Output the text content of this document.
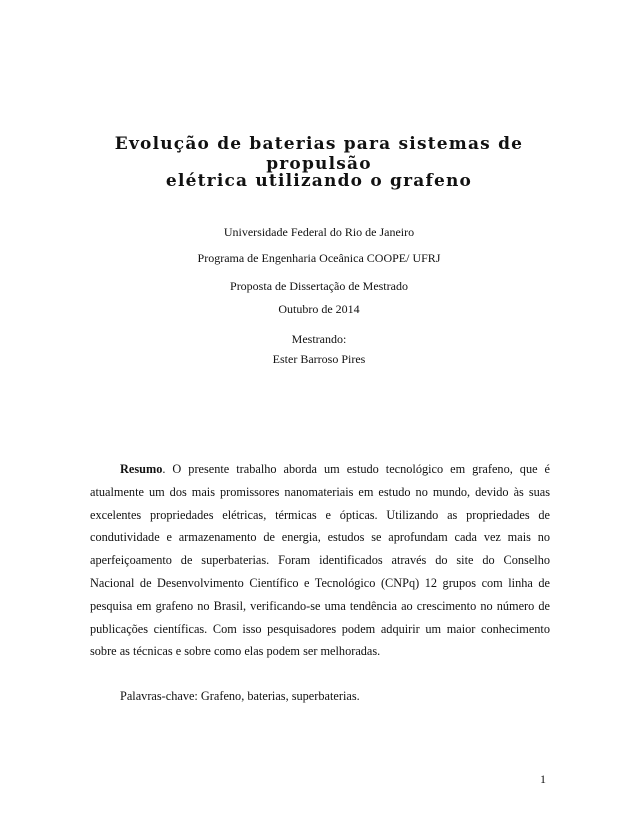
Evolução de baterias para sistemas de propulsão
elétrica utilizando o grafeno
Universidade Federal do Rio de Janeiro
Programa de Engenharia Oceânica COOPE/ UFRJ
Proposta de Dissertação de Mestrado
Outubro de 2014
Mestrando:
Ester Barroso Pires
Resumo. O presente trabalho aborda um estudo tecnológico em grafeno, que é
atualmente um dos mais promissores nanomateriais em estudo no mundo, devido às suas
excelentes propriedades elétricas, térmicas e ópticas. Utilizando as propriedades de
condutividade e armazenamento de energia, estudos se aprofundam cada vez mais no
aperfeiçoamento de superbaterias. Foram identificados através do site do Conselho
Nacional de Desenvolvimento Científico e Tecnológico (CNPq) 12 grupos com linha de
pesquisa em grafeno no Brasil, verificando-se uma tendência ao crescimento no número de
publicações científicas. Com isso pesquisadores podem adquirir um maior conhecimento
sobre as técnicas e sobre como elas podem ser melhoradas.
Palavras-chave: Grafeno, baterias, superbaterias.
1
